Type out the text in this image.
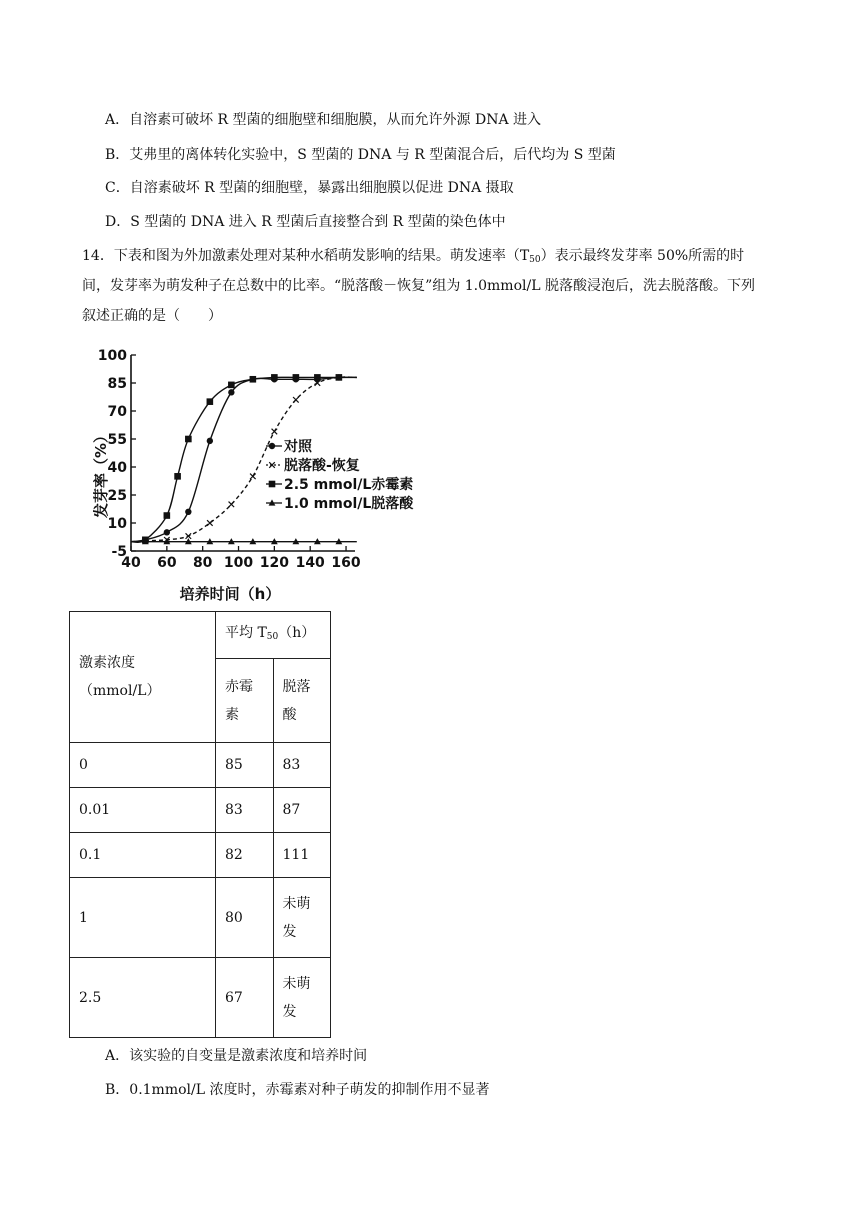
A．自溶素可破坏 R 型菌的细胞壁和细胞膜，从而允许外源 DNA 进入
B．艾弗里的离体转化实验中，S 型菌的 DNA 与 R 型菌混合后，后代均为 S 型菌
C．自溶素破坏 R 型菌的细胞壁，暴露出细胞膜以促进 DNA 摄取
D．S 型菌的 DNA 进入 R 型菌后直接整合到 R 型菌的染色体中
14．下表和图为外加激素处理对某种水稻萌发影响的结果。萌发速率$(T_{50})$表示最终发芽率 50%所需的时
间，发芽率为萌发种子在总数中的比率。“脱落酸－恢复”组为 1.0mmol/L 脱落酸浸泡后，洗去脱落酸。下列
叙述正确的是（　　）
100
85
70
55
40
25
10
-5
40 60 80 100 120 140 160
对照
脱落酸-恢复
2.5 mmol/L赤霉素
1.0 mmol/L脱落酸
发芽率（%）
培养时间（h）
激素浓度（mmol/L）	平均 $T_{50}(h)$	
	赤霉素	脱落酸
0	85	83
0.01	83	87
0.1	82	111
1	80	未萌发
2.5	67	未萌发
A．该实验的自变量是激素浓度和培养时间
B．0.1mmol/L 浓度时，赤霉素对种子萌发的抑制作用不显著
